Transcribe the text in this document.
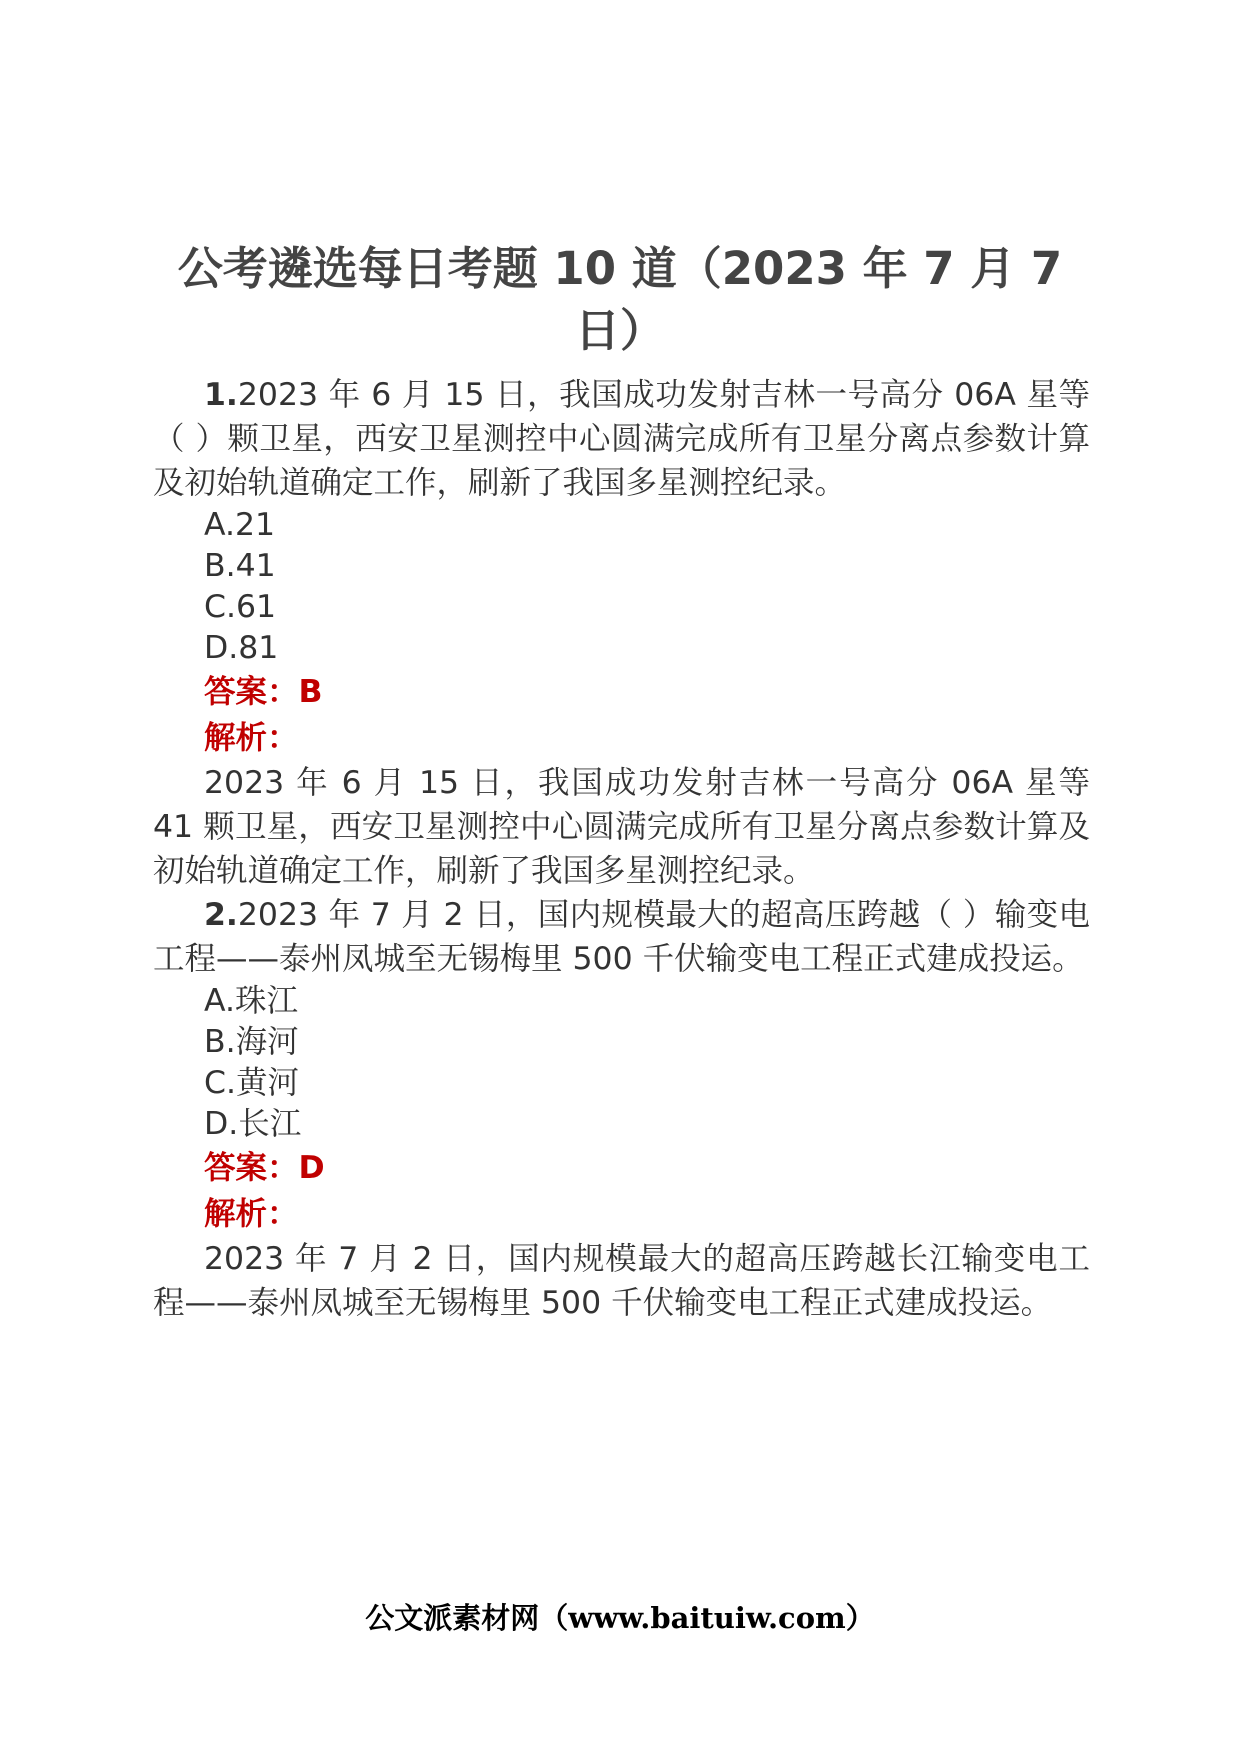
公考遴选每日考题 10 道（2023 年 7 月 7 日）

1.2023 年 6 月 15 日，我国成功发射吉林一号高分 06A 星等（ ）颗卫星，西安卫星测控中心圆满完成所有卫星分离点参数计算及初始轨道确定工作，刷新了我国多星测控纪录。

A.21

B.41

C.61

D.81

答案：B

解析：

2023 年 6 月 15 日，我国成功发射吉林一号高分 06A 星等 41 颗卫星，西安卫星测控中心圆满完成所有卫星分离点参数计算及初始轨道确定工作，刷新了我国多星测控纪录。

2.2023 年 7 月 2 日，国内规模最大的超高压跨越（ ）输变电工程——泰州凤城至无锡梅里 500 千伏输变电工程正式建成投运。

A.珠江

B.海河

C.黄河

D.长江

答案：D

解析：

2023 年 7 月 2 日，国内规模最大的超高压跨越长江输变电工程——泰州凤城至无锡梅里 500 千伏输变电工程正式建成投运。

公文派素材网（www.baituiw.com）
